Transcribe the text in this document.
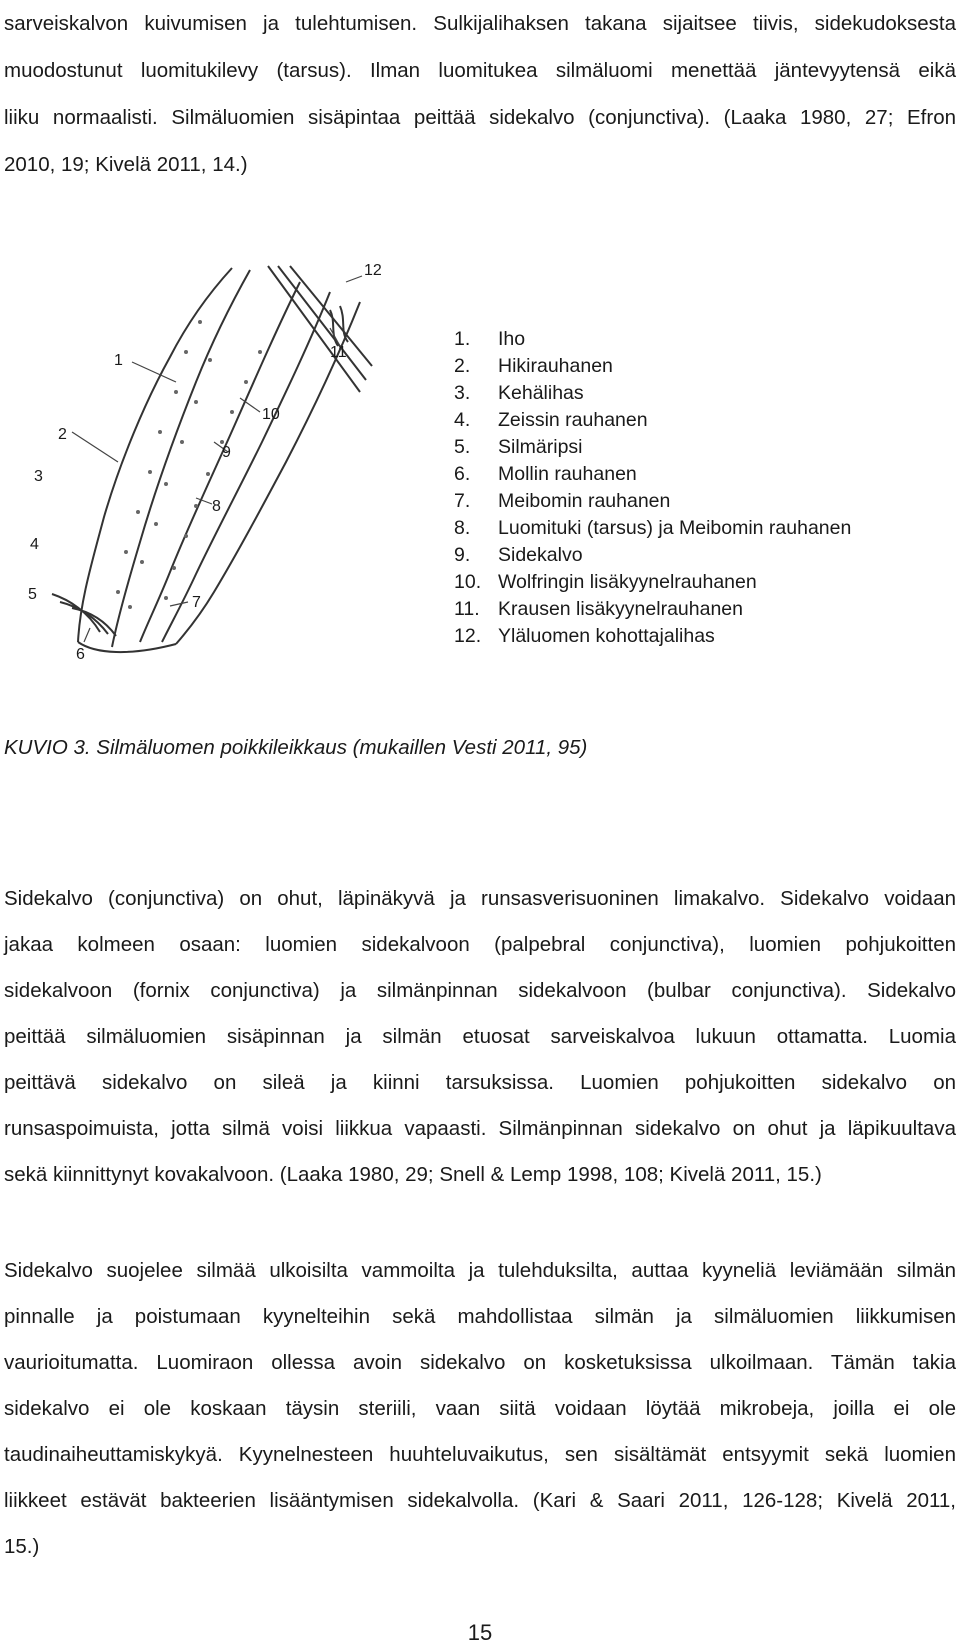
sarveiskalvon kuivumisen ja tulehtumisen. Sulkijalihaksen takana sijaitsee tiivis, sidekudoksesta
muodostunut luomitukilevy (tarsus). Ilman luomitukea silmäluomi menettää jäntevyytensä eikä
liiku normaalisti. Silmäluomien sisäpintaa peittää sidekalvo (conjunctiva). (Laaka 1980, 27; Efron
2010, 19; Kivelä 2011, 14.)
1
2
3
4
5
6
7
8
9
10
11
12
1. Iho
2. Hikirauhanen
3. Kehälihas
4. Zeissin rauhanen
5. Silmäripsi
6. Mollin rauhanen
7. Meibomin rauhanen
8. Luomituki (tarsus) ja Meibomin rauhanen
9. Sidekalvo
10. Wolfringin lisäkyynelrauhanen
11. Krausen lisäkyynelrauhanen
12. Yläluomen kohottajalihas

KUVIO 3. Silmäluomen poikkileikkaus (mukaillen Vesti 2011, 95)

Sidekalvo (conjunctiva) on ohut, läpinäkyvä ja runsasverisuoninen limakalvo. Sidekalvo voidaan
jakaa kolmeen osaan: luomien sidekalvoon (palpebral conjunctiva), luomien pohjukoitten
sidekalvoon (fornix conjunctiva) ja silmänpinnan sidekalvoon (bulbar conjunctiva). Sidekalvo
peittää silmäluomien sisäpinnan ja silmän etuosat sarveiskalvoa lukuun ottamatta. Luomia
peittävä sidekalvo on sileä ja kiinni tarsuksissa. Luomien pohjukoitten sidekalvo on
runsaspoimuista, jotta silmä voisi liikkua vapaasti. Silmänpinnan sidekalvo on ohut ja läpikuultava
sekä kiinnittynyt kovakalvoon. (Laaka 1980, 29; Snell & Lemp 1998, 108; Kivelä 2011, 15.)
Sidekalvo suojelee silmää ulkoisilta vammoilta ja tulehduksilta, auttaa kyyneliä leviämään silmän
pinnalle ja poistumaan kyynelteihin sekä mahdollistaa silmän ja silmäluomien liikkumisen
vaurioitumatta. Luomiraon ollessa avoin sidekalvo on kosketuksissa ulkoilmaan. Tämän takia
sidekalvo ei ole koskaan täysin steriili, vaan siitä voidaan löytää mikrobeja, joilla ei ole
taudinaiheuttamiskykyä. Kyynelnesteen huuhteluvaikutus, sen sisältämät entsyymit sekä luomien
liikkeet estävät bakteerien lisääntymisen sidekalvolla. (Kari & Saari 2011, 126-128; Kivelä 2011,
15.)
15
